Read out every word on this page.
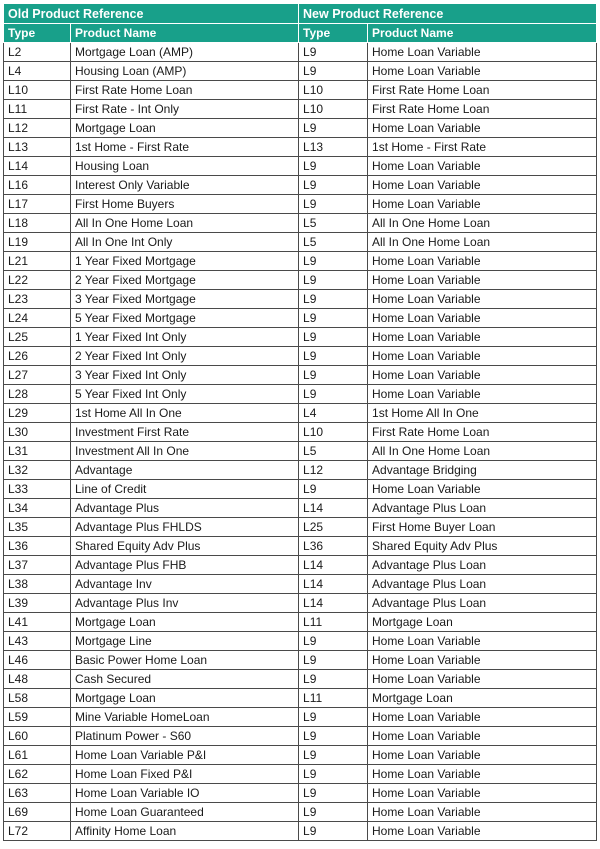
Old Product Reference		New Product Reference	
Type	Product Name	Type	Product Name
L2	Mortgage Loan (AMP)	L9	Home Loan Variable
L4	Housing Loan (AMP)	L9	Home Loan Variable
L10	First Rate Home Loan	L10	First Rate Home Loan
L11	First Rate - Int Only	L10	First Rate Home Loan
L12	Mortgage Loan	L9	Home Loan Variable
L13	1st Home - First Rate	L13	1st Home - First Rate
L14	Housing Loan	L9	Home Loan Variable
L16	Interest Only Variable	L9	Home Loan Variable
L17	First Home Buyers	L9	Home Loan Variable
L18	All In One Home Loan	L5	All In One Home Loan
L19	All In One Int Only	L5	All In One Home Loan
L21	1 Year Fixed Mortgage	L9	Home Loan Variable
L22	2 Year Fixed Mortgage	L9	Home Loan Variable
L23	3 Year Fixed Mortgage	L9	Home Loan Variable
L24	5 Year Fixed Mortgage	L9	Home Loan Variable
L25	1 Year Fixed Int Only	L9	Home Loan Variable
L26	2 Year Fixed Int Only	L9	Home Loan Variable
L27	3 Year Fixed Int Only	L9	Home Loan Variable
L28	5 Year Fixed Int Only	L9	Home Loan Variable
L29	1st Home All In One	L4	1st Home All In One
L30	Investment First Rate	L10	First Rate Home Loan
L31	Investment All In One	L5	All In One Home Loan
L32	Advantage	L12	Advantage Bridging
L33	Line of Credit	L9	Home Loan Variable
L34	Advantage Plus	L14	Advantage Plus Loan
L35	Advantage Plus FHLDS	L25	First Home Buyer Loan
L36	Shared Equity Adv Plus	L36	Shared Equity Adv Plus
L37	Advantage Plus FHB	L14	Advantage Plus Loan
L38	Advantage Inv	L14	Advantage Plus Loan
L39	Advantage Plus Inv	L14	Advantage Plus Loan
L41	Mortgage Loan	L11	Mortgage Loan
L43	Mortgage Line	L9	Home Loan Variable
L46	Basic Power Home Loan	L9	Home Loan Variable
L48	Cash Secured	L9	Home Loan Variable
L58	Mortgage Loan	L11	Mortgage Loan
L59	Mine Variable HomeLoan	L9	Home Loan Variable
L60	Platinum Power - S60	L9	Home Loan Variable
L61	Home Loan Variable P&I	L9	Home Loan Variable
L62	Home Loan Fixed P&I	L9	Home Loan Variable
L63	Home Loan Variable IO	L9	Home Loan Variable
L69	Home Loan Guaranteed	L9	Home Loan Variable
L72	Affinity Home Loan	L9	Home Loan Variable
